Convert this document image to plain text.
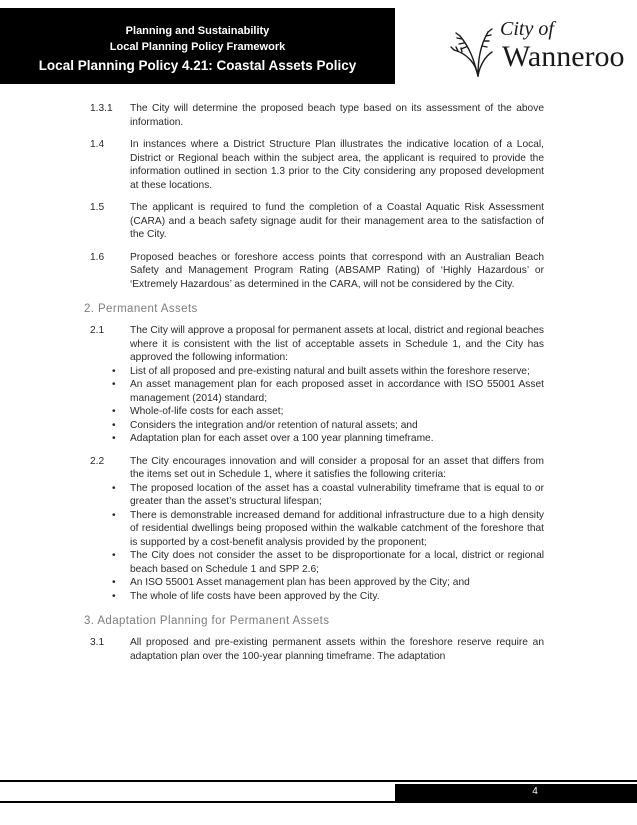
Planning and Sustainability
Local Planning Policy Framework
Local Planning Policy 4.21: Coastal Assets Policy
City of
Wanneroo
1.3.1 The City will determine the proposed beach type based on its assessment of the above information.
1.4	In instances where a District Structure Plan illustrates the indicative location of a Local, District or Regional beach within the subject area, the applicant is required to provide the information outlined in section 1.3 prior to the City considering any proposed development at these locations.
1.5	The applicant is required to fund the completion of a Coastal Aquatic Risk Assessment (CARA) and a beach safety signage audit for their management area to the satisfaction of the City.
1.6	Proposed beaches or foreshore access points that correspond with an Australian Beach Safety and Management Program Rating (ABSAMP Rating) of ‘Highly Hazardous’ or ‘Extremely Hazardous’ as determined in the CARA, will not be considered by the City.
2. Permanent Assets
2.1	The City will approve a proposal for permanent assets at local, district and regional beaches where it is consistent with the list of acceptable assets in Schedule 1, and the City has approved the following information:
• List of all proposed and pre-existing natural and built assets within the foreshore reserve;
• An asset management plan for each proposed asset in accordance with ISO 55001 Asset management (2014) standard;
• Whole-of-life costs for each asset;
• Considers the integration and/or retention of natural assets; and
• Adaptation plan for each asset over a 100 year planning timeframe.
2.2	The City encourages innovation and will consider a proposal for an asset that differs from the items set out in Schedule 1, where it satisfies the following criteria:
• The proposed location of the asset has a coastal vulnerability timeframe that is equal to or greater than the asset’s structural lifespan;
• There is demonstrable increased demand for additional infrastructure due to a high density of residential dwellings being proposed within the walkable catchment of the foreshore that is supported by a cost-benefit analysis provided by the proponent;
• The City does not consider the asset to be disproportionate for a local, district or regional beach based on Schedule 1 and SPP 2.6;
• An ISO 55001 Asset management plan has been approved by the City; and
• The whole of life costs have been approved by the City.
3. Adaptation Planning for Permanent Assets
3.1	All proposed and pre-existing permanent assets within the foreshore reserve require an adaptation plan over the 100-year planning timeframe. The adaptation
4
